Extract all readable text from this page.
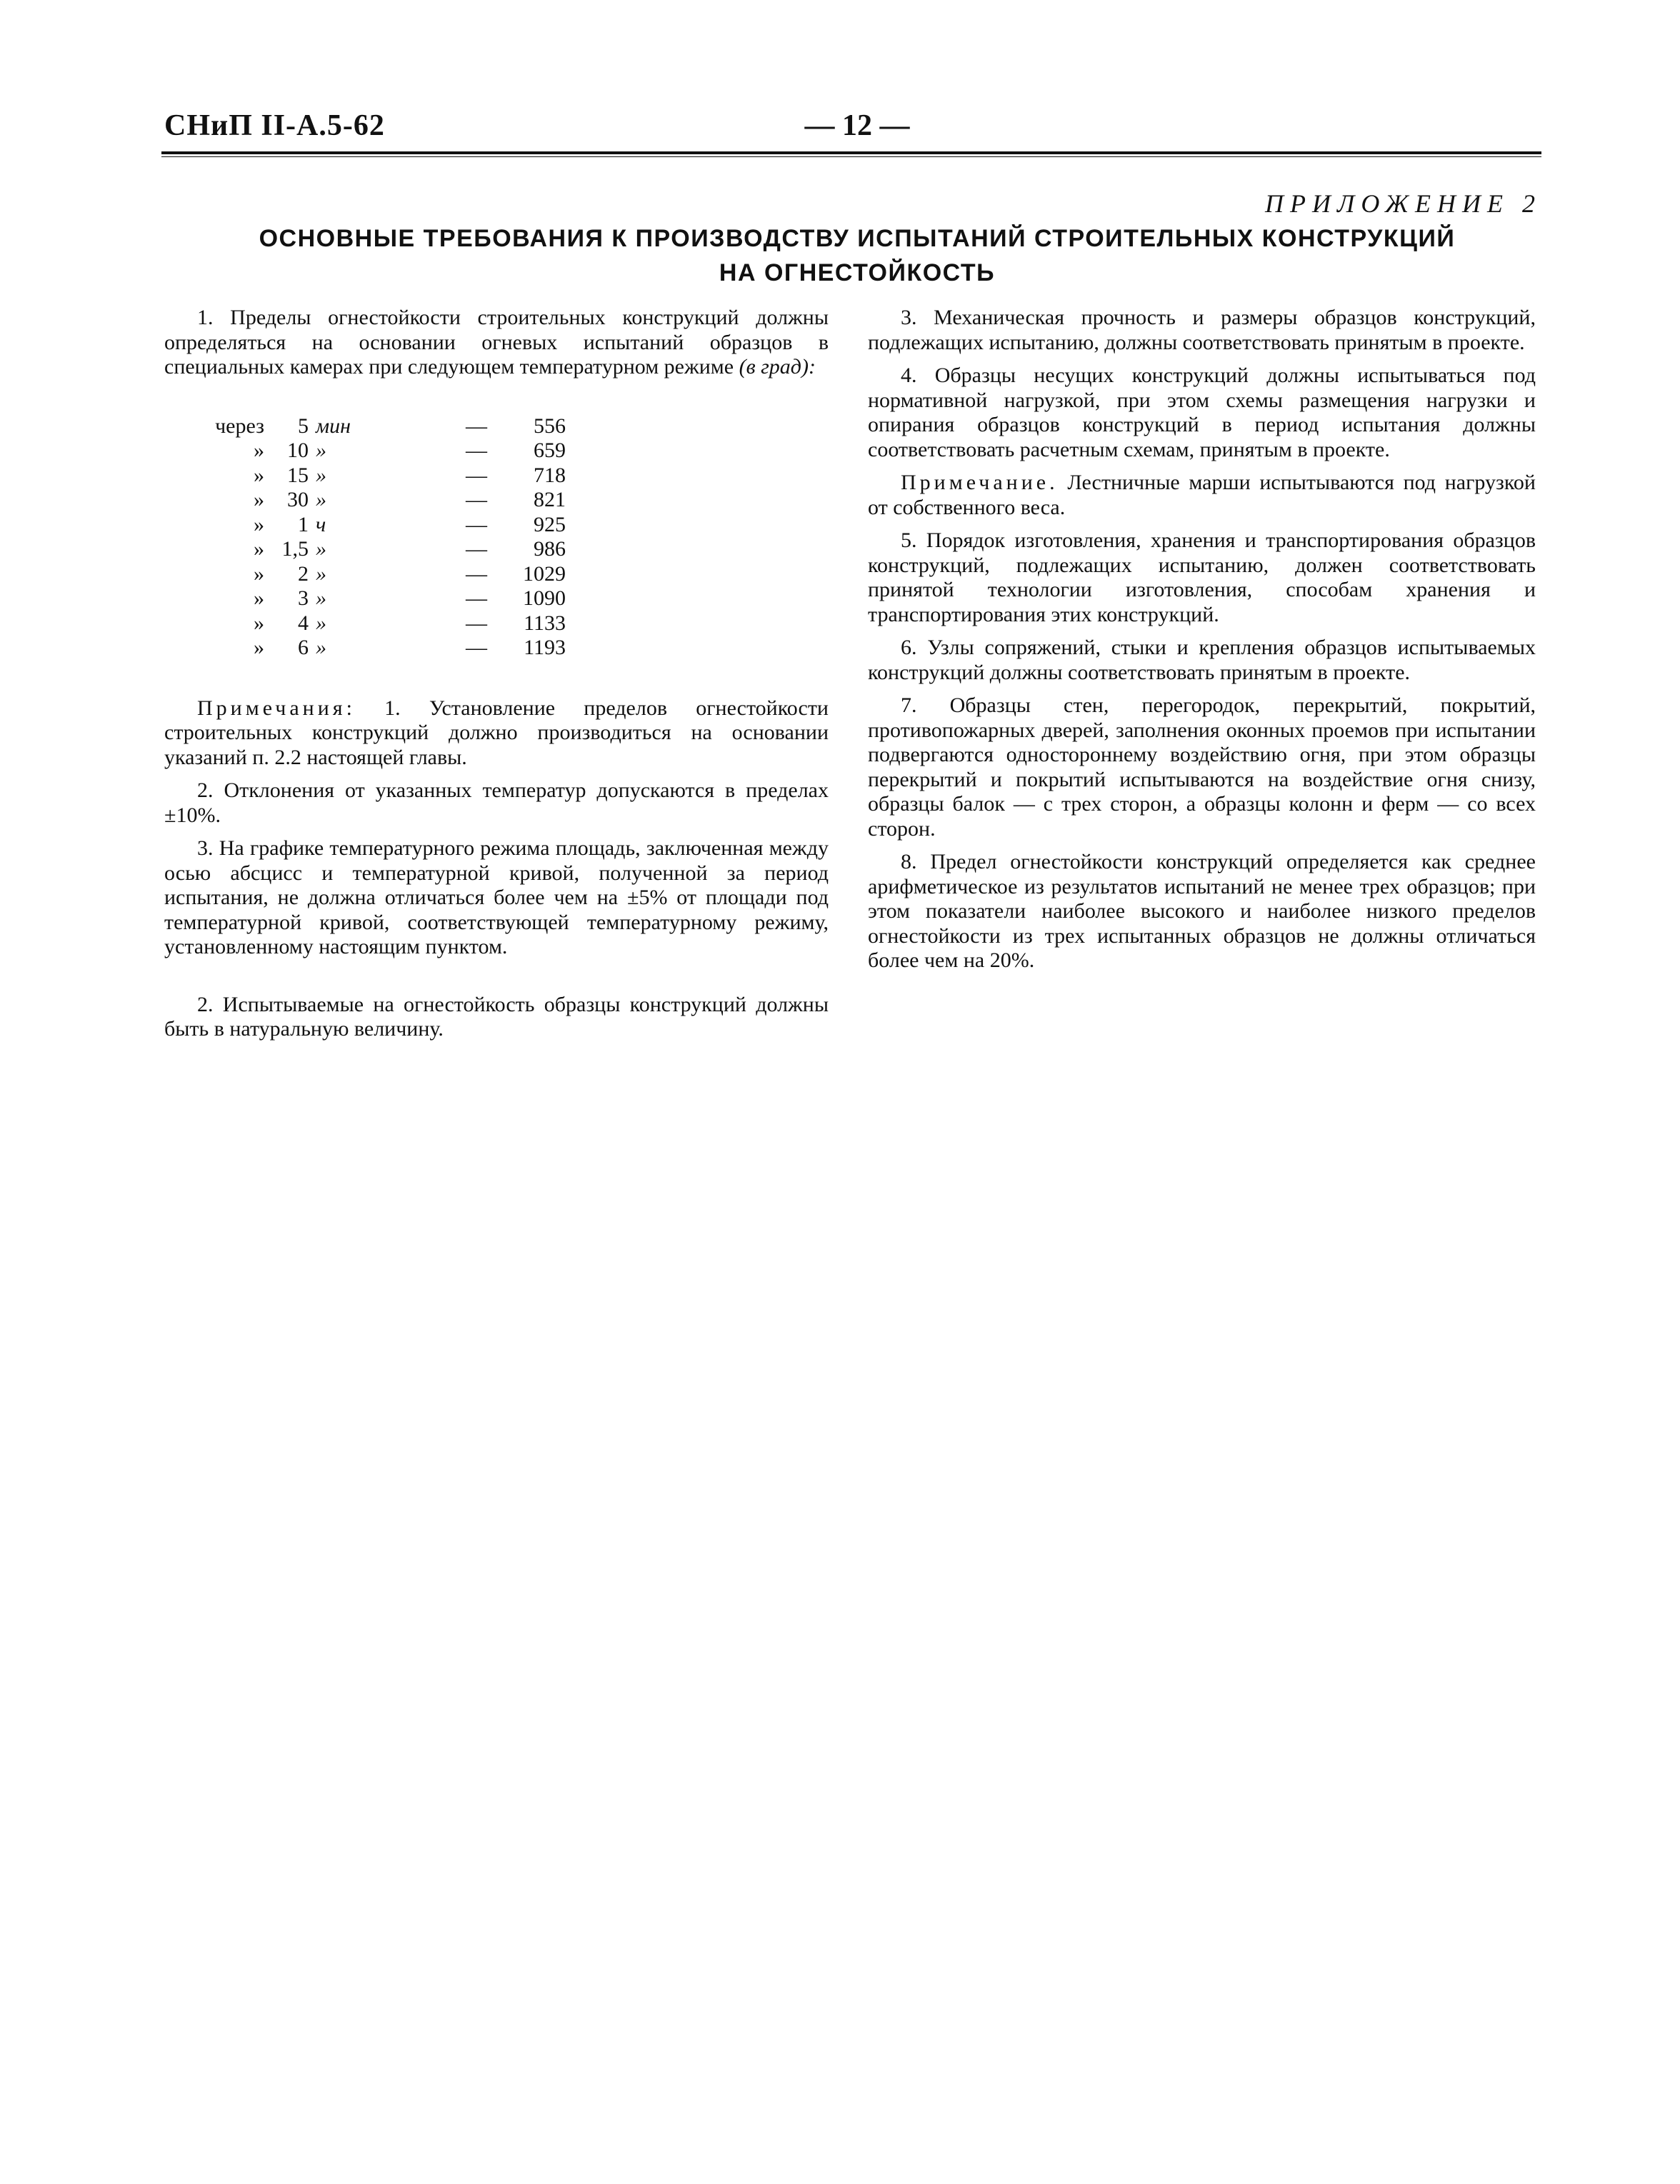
СНиП II-А.5-62	— 12 —
ПРИЛОЖЕНИЕ 2
ОСНОВНЫЕ ТРЕБОВАНИЯ К ПРОИЗВОДСТВУ ИСПЫТАНИЙ СТРОИТЕЛЬНЫХ КОНСТРУКЦИЙ
НА ОГНЕСТОЙКОСТЬ

1. Пределы огнестойкости строительных конструкций должны определяться на основании огневых испытаний образцов в специальных камерах при следующем температурном режиме (в град):

через	5	мин	—	556
»	10	»	—	659
»	15	»	—	718
»	30	»	—	821
»	1	ч	—	925
»	1,5	»	—	986
»	2	»	—	1029
»	3	»	—	1090
»	4	»	—	1133
»	6	»	—	1193

Примечания: 1. Установление пределов огнестойкости строительных конструкций должно производиться на основании указаний п. 2.2 настоящей главы.

2. Отклонения от указанных температур допускаются в пределах ±10%.

3. На графике температурного режима площадь, заключенная между осью абсцисс и температурной кривой, полученной за период испытания, не должна отличаться более чем на ±5% от площади под температурной кривой, соответствующей температурному режиму, установленному настоящим пунктом.

2. Испытываемые на огнестойкость образцы конструкций должны быть в натуральную величину.

3. Механическая прочность и размеры образцов конструкций, подлежащих испытанию, должны соответствовать принятым в проекте.

4. Образцы несущих конструкций должны испытываться под нормативной нагрузкой, при этом схемы размещения нагрузки и опирания образцов конструкций в период испытания должны соответствовать расчетным схемам, принятым в проекте.

Примечание. Лестничные марши испытываются под нагрузкой от собственного веса.

5. Порядок изготовления, хранения и транспортирования образцов конструкций, подлежащих испытанию, должен соответствовать принятой технологии изготовления, способам хранения и транспортирования этих конструкций.

6. Узлы сопряжений, стыки и крепления образцов испытываемых конструкций должны соответствовать принятым в проекте.

7. Образцы стен, перегородок, перекрытий, покрытий, противопожарных дверей, заполнения оконных проемов при испытании подвергаются одностороннему воздействию огня, при этом образцы перекрытий и покрытий испытываются на воздействие огня снизу, образцы балок — с трех сторон, а образцы колонн и ферм — со всех сторон.

8. Предел огнестойкости конструкций определяется как среднее арифметическое из результатов испытаний не менее трех образцов; при этом показатели наиболее высокого и наиболее низкого пределов огнестойкости из трех испытанных образцов не должны отличаться более чем на 20%.
